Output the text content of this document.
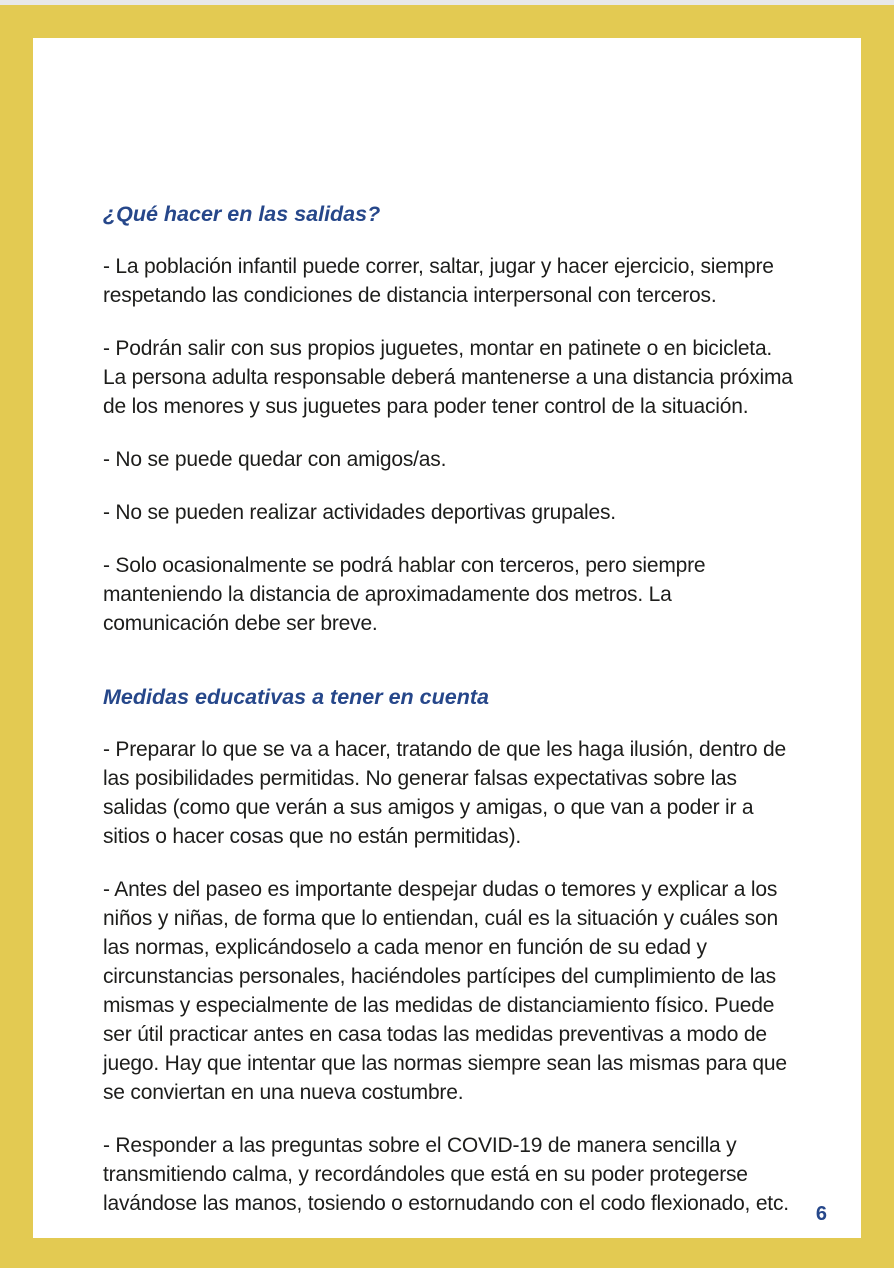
¿Qué hacer en las salidas?

- La población infantil puede correr, saltar, jugar y hacer ejercicio, siempre respetando las condiciones de distancia interpersonal con terceros.

- Podrán salir con sus propios juguetes, montar en patinete o en bicicleta. La persona adulta responsable deberá mantenerse a una distancia próxima de los menores y sus juguetes para poder tener control de la situación.

- No se puede quedar con amigos/as.

- No se pueden realizar actividades deportivas grupales.

- Solo ocasionalmente se podrá hablar con terceros, pero siempre manteniendo la distancia de aproximadamente dos metros. La comunicación debe ser breve.

Medidas educativas a tener en cuenta

- Preparar lo que se va a hacer, tratando de que les haga ilusión, dentro de las posibilidades permitidas. No generar falsas expectativas sobre las salidas (como que verán a sus amigos y amigas, o que van a poder ir a sitios o hacer cosas que no están permitidas).

- Antes del paseo es importante despejar dudas o temores y explicar a los niños y niñas, de forma que lo entiendan, cuál es la situación y cuáles son las normas, explicándoselo a cada menor en función de su edad y circunstancias personales, haciéndoles partícipes del cumplimiento de las mismas y especialmente de las medidas de distanciamiento físico. Puede ser útil practicar antes en casa todas las medidas preventivas a modo de juego. Hay que intentar que las normas siempre sean las mismas para que se conviertan en una nueva costumbre.

- Responder a las preguntas sobre el COVID-19 de manera sencilla y transmitiendo calma, y recordándoles que está en su poder protegerse lavándose las manos, tosiendo o estornudando con el codo flexionado, etc.	6
